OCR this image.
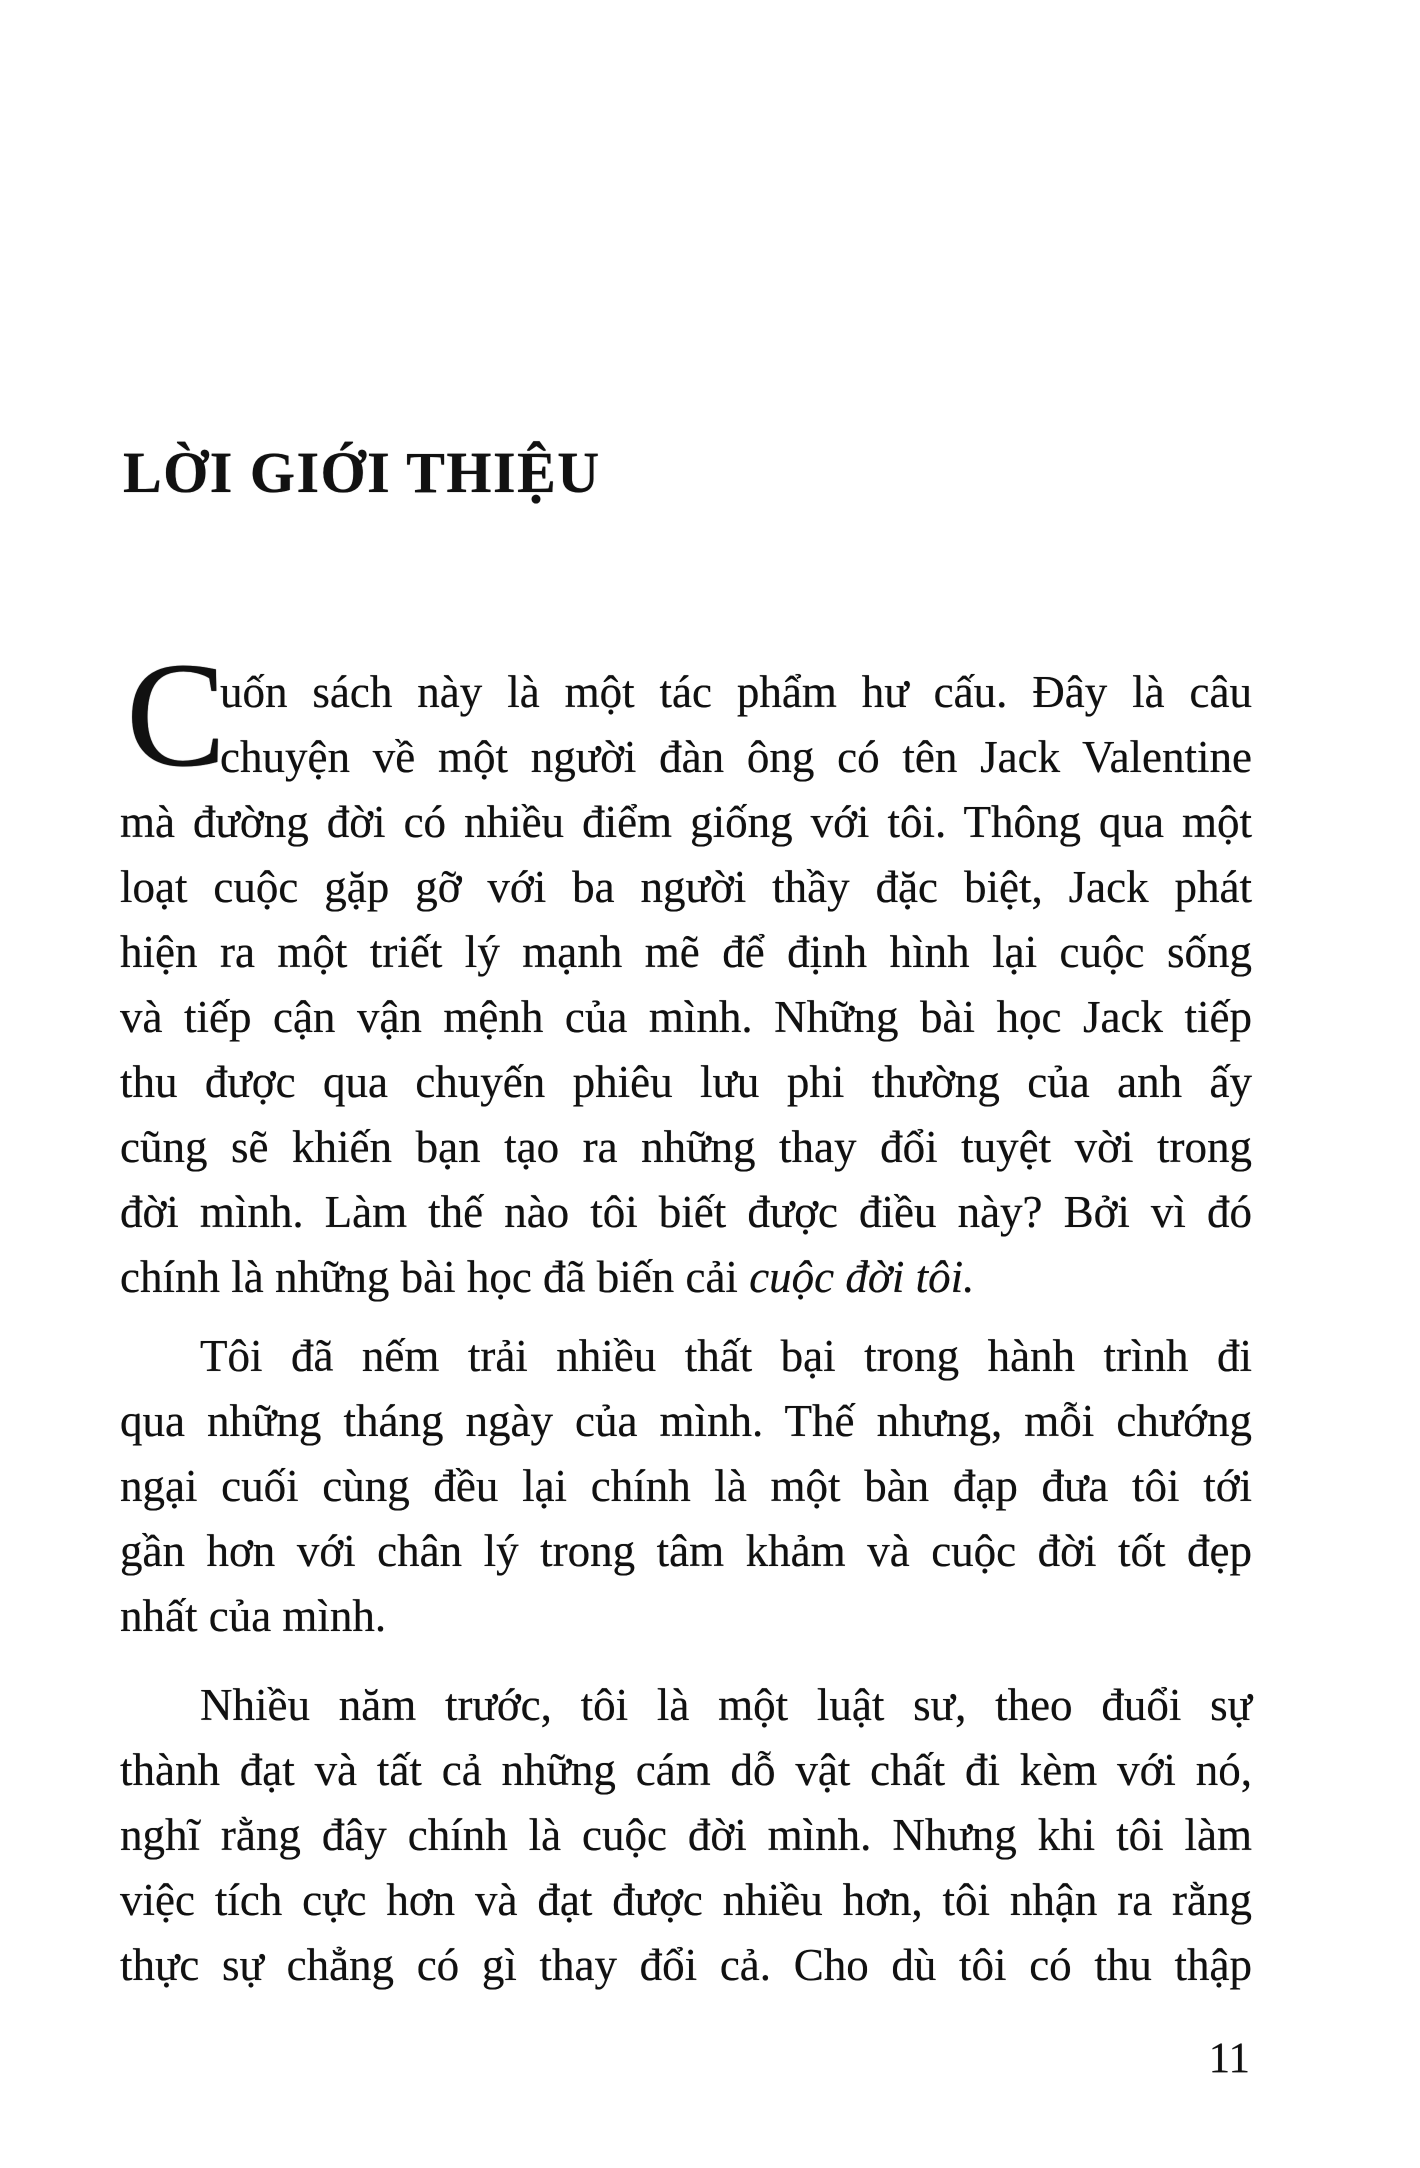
LỜI GIỚI THIỆU
C
uốn sách này là một tác phẩm hư cấu. Đây là câu
chuyện về một người đàn ông có tên Jack Valentine
mà đường đời có nhiều điểm giống với tôi. Thông qua một
loạt cuộc gặp gỡ với ba người thầy đặc biệt, Jack phát
hiện ra một triết lý mạnh mẽ để định hình lại cuộc sống
và tiếp cận vận mệnh của mình. Những bài học Jack tiếp
thu được qua chuyến phiêu lưu phi thường của anh ấy
cũng sẽ khiến bạn tạo ra những thay đổi tuyệt vời trong
đời mình. Làm thế nào tôi biết được điều này? Bởi vì đó
chính là những bài học đã biến cải cuộc đời tôi.
Tôi đã nếm trải nhiều thất bại trong hành trình đi
qua những tháng ngày của mình. Thế nhưng, mỗi chướng
ngại cuối cùng đều lại chính là một bàn đạp đưa tôi tới
gần hơn với chân lý trong tâm khảm và cuộc đời tốt đẹp
nhất của mình.
Nhiều năm trước, tôi là một luật sư, theo đuổi sự
thành đạt và tất cả những cám dỗ vật chất đi kèm với nó,
nghĩ rằng đây chính là cuộc đời mình. Nhưng khi tôi làm
việc tích cực hơn và đạt được nhiều hơn, tôi nhận ra rằng
thực sự chẳng có gì thay đổi cả. Cho dù tôi có thu thập
11
